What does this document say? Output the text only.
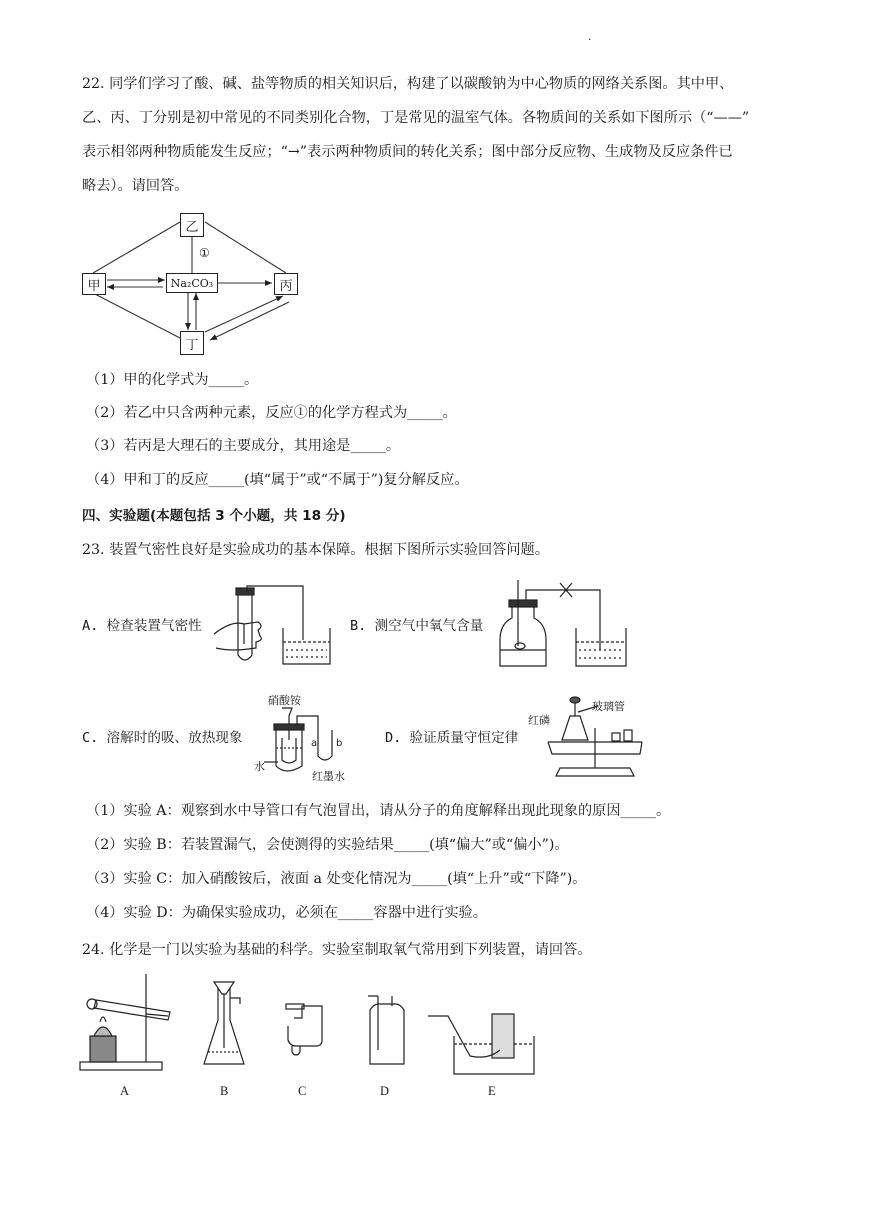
.
22. 同学们学习了酸、碱、盐等物质的相关知识后，构建了以碳酸钠为中心物质的网络关系图。其中甲、
乙、丙、丁分别是初中常见的不同类别化合物，丁是常见的温室气体。各物质间的关系如下图所示（“——”
表示相邻两种物质能发生反应；“→”表示两种物质间的转化关系；图中部分反应物、生成物及反应条件已
略去）。请回答。
乙
甲	丙
丁
Na₂CO₃
①
（1）甲的化学式为_____。
（2）若乙中只含两种元素，反应①的化学方程式为_____。
（3）若丙是大理石的主要成分，其用途是_____。
（4）甲和丁的反应_____(填“属于”或“不属于”)复分解反应。
四、实验题(本题包括 3 个小题，共 18 分)
23. 装置气密性良好是实验成功的基本保障。根据下图所示实验回答问题。
A. 检查装置气密性	B. 测空气中氧气含量
C. 溶解时的吸、放热现象	D. 验证质量守恒定律
硝酸铵
水
红墨水
a b
红磷
玻璃管
（1）实验 A：观察到水中导管口有气泡冒出，请从分子的角度解释出现此现象的原因_____。
（2）实验 B：若装置漏气，会使测得的实验结果_____(填“偏大”或“偏小”)。
（3）实验 C：加入硝酸铵后，液面 a 处变化情况为_____(填“上升”或“下降”)。
（4）实验 D：为确保实验成功，必须在_____容器中进行实验。
24. 化学是一门以实验为基础的科学。实验室制取氧气常用到下列装置，请回答。
A	B	C	D	E
